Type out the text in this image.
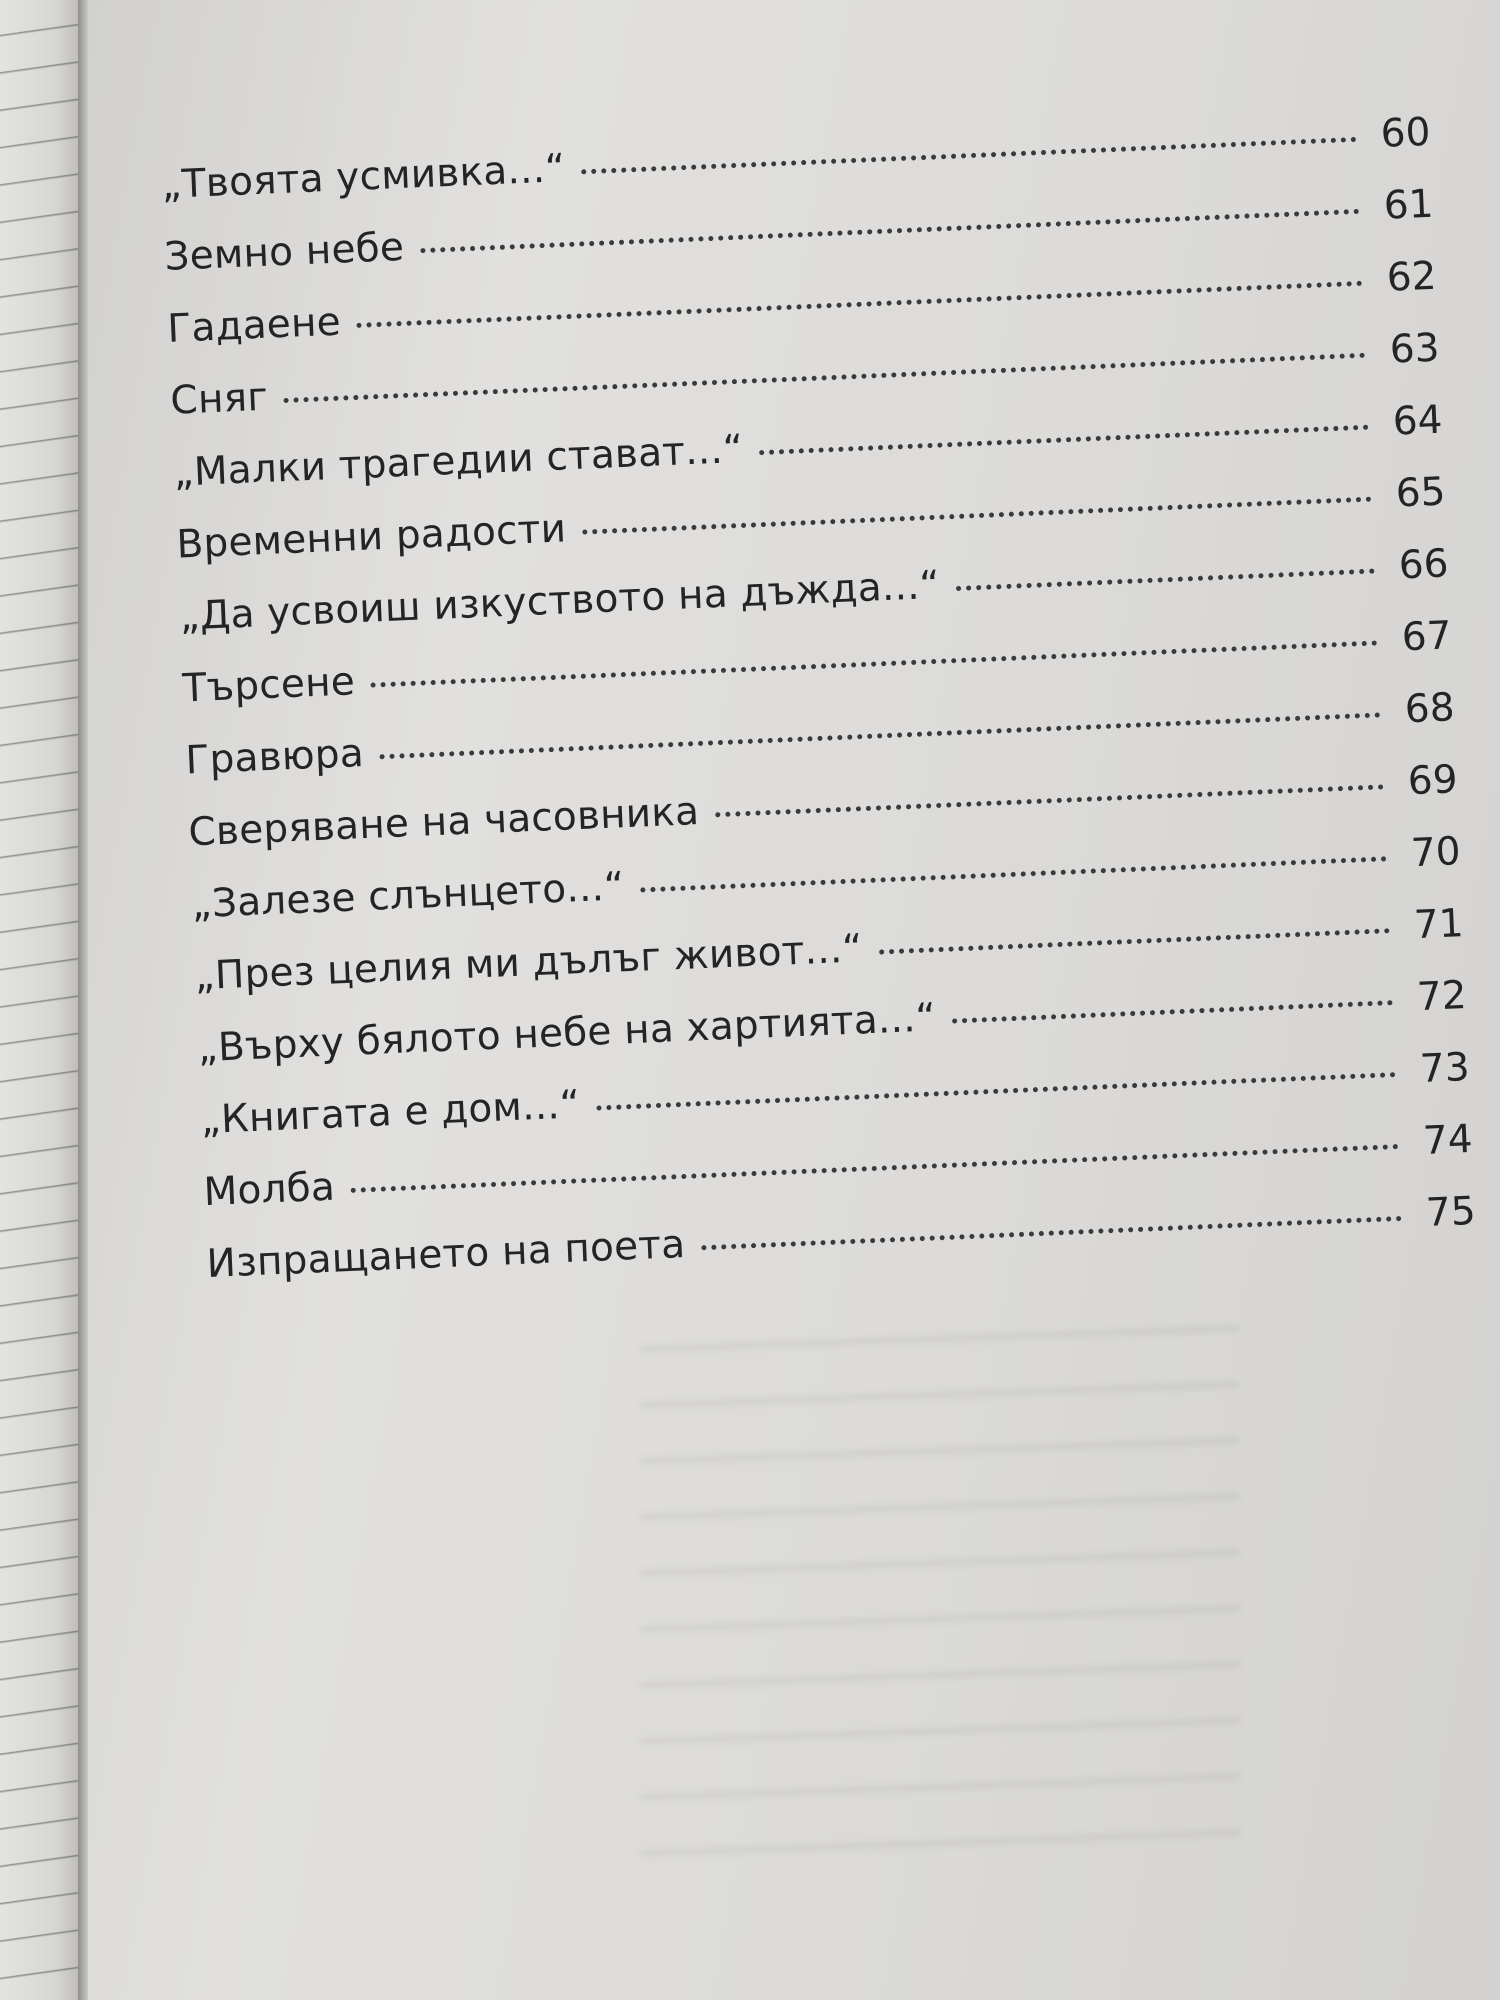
„Твоята усмивка...“
60
Земно небе
61
Гадаене
62
Сняг
63
„Малки трагедии стават...“
64
Временни радости
65
„Да усвоиш изкуството на дъжда...“	66
Търсене
67
Гравюра
68
Сверяване на часовника
69
„Залезе слънцето...“
70
„През целия ми дълъг живот...“
71
„Върху бялото небе на хартията...“	72
„Книгата е дом...“
73
Молба
74
Изпращането на поета
75
